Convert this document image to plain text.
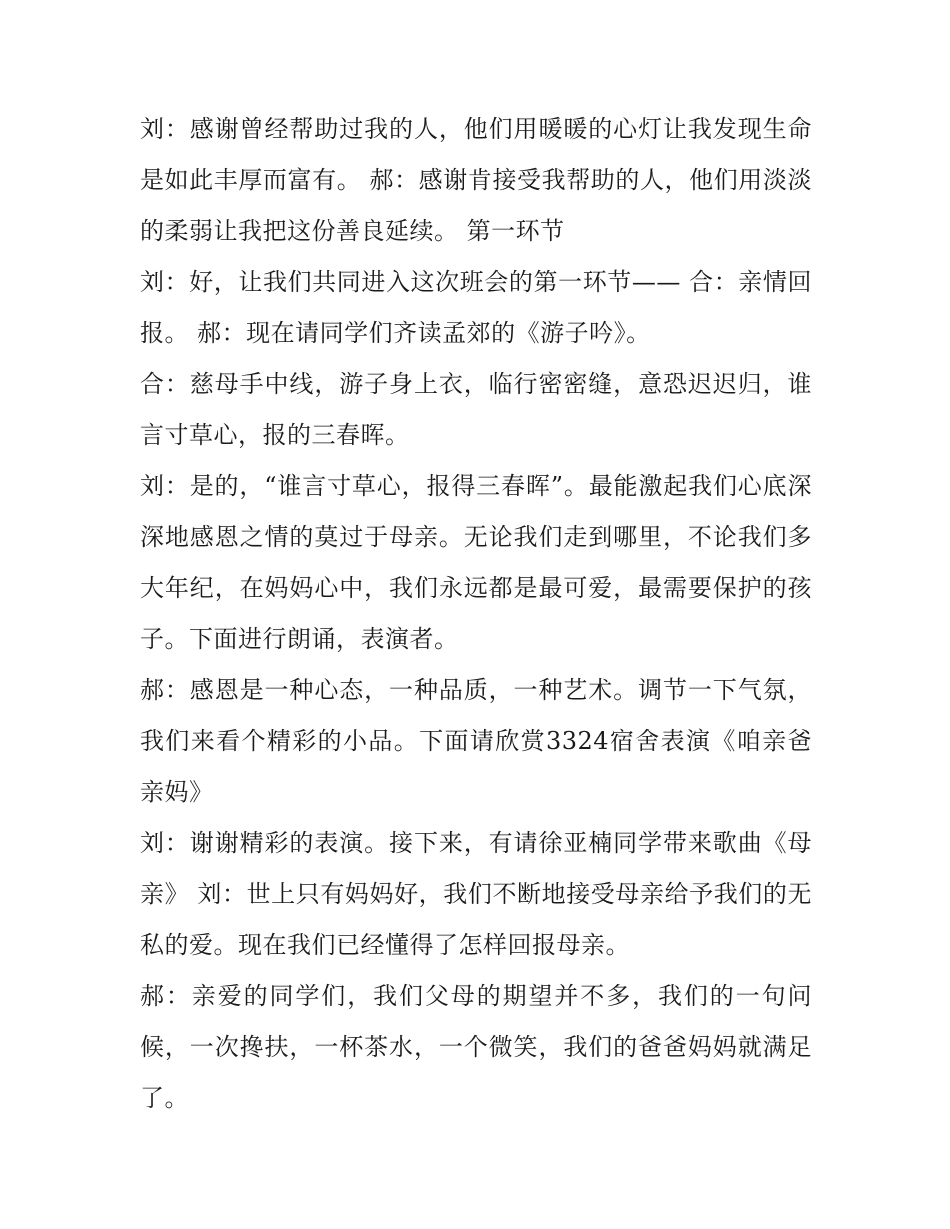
刘：感谢曾经帮助过我的人，他们用暖暖的心灯让我发现生命是如此丰厚而富有。 郝：感谢肯接受我帮助的人，他们用淡淡的柔弱让我把这份善良延续。 第一环节

刘：好，让我们共同进入这次班会的第一环节—— 合：亲情回报。 郝：现在请同学们齐读孟郊的《游子吟》。

合：慈母手中线，游子身上衣，临行密密缝，意恐迟迟归，谁言寸草心，报的三春晖。

刘：是的，“谁言寸草心，报得三春晖”。最能激起我们心底深深地感恩之情的莫过于母亲。无论我们走到哪里，不论我们多大年纪，在妈妈心中，我们永远都是最可爱，最需要保护的孩子。下面进行朗诵，表演者。

郝：感恩是一种心态，一种品质，一种艺术。调节一下气氛，我们来看个精彩的小品。下面请欣赏3324宿舍表演《咱亲爸亲妈》

刘：谢谢精彩的表演。接下来，有请徐亚楠同学带来歌曲《母亲》 刘：世上只有妈妈好，我们不断地接受母亲给予我们的无私的爱。现在我们已经懂得了怎样回报母亲。

郝：亲爱的同学们，我们父母的期望并不多，我们的一句问候，一次搀扶，一杯茶水，一个微笑，我们的爸爸妈妈就满足了。
